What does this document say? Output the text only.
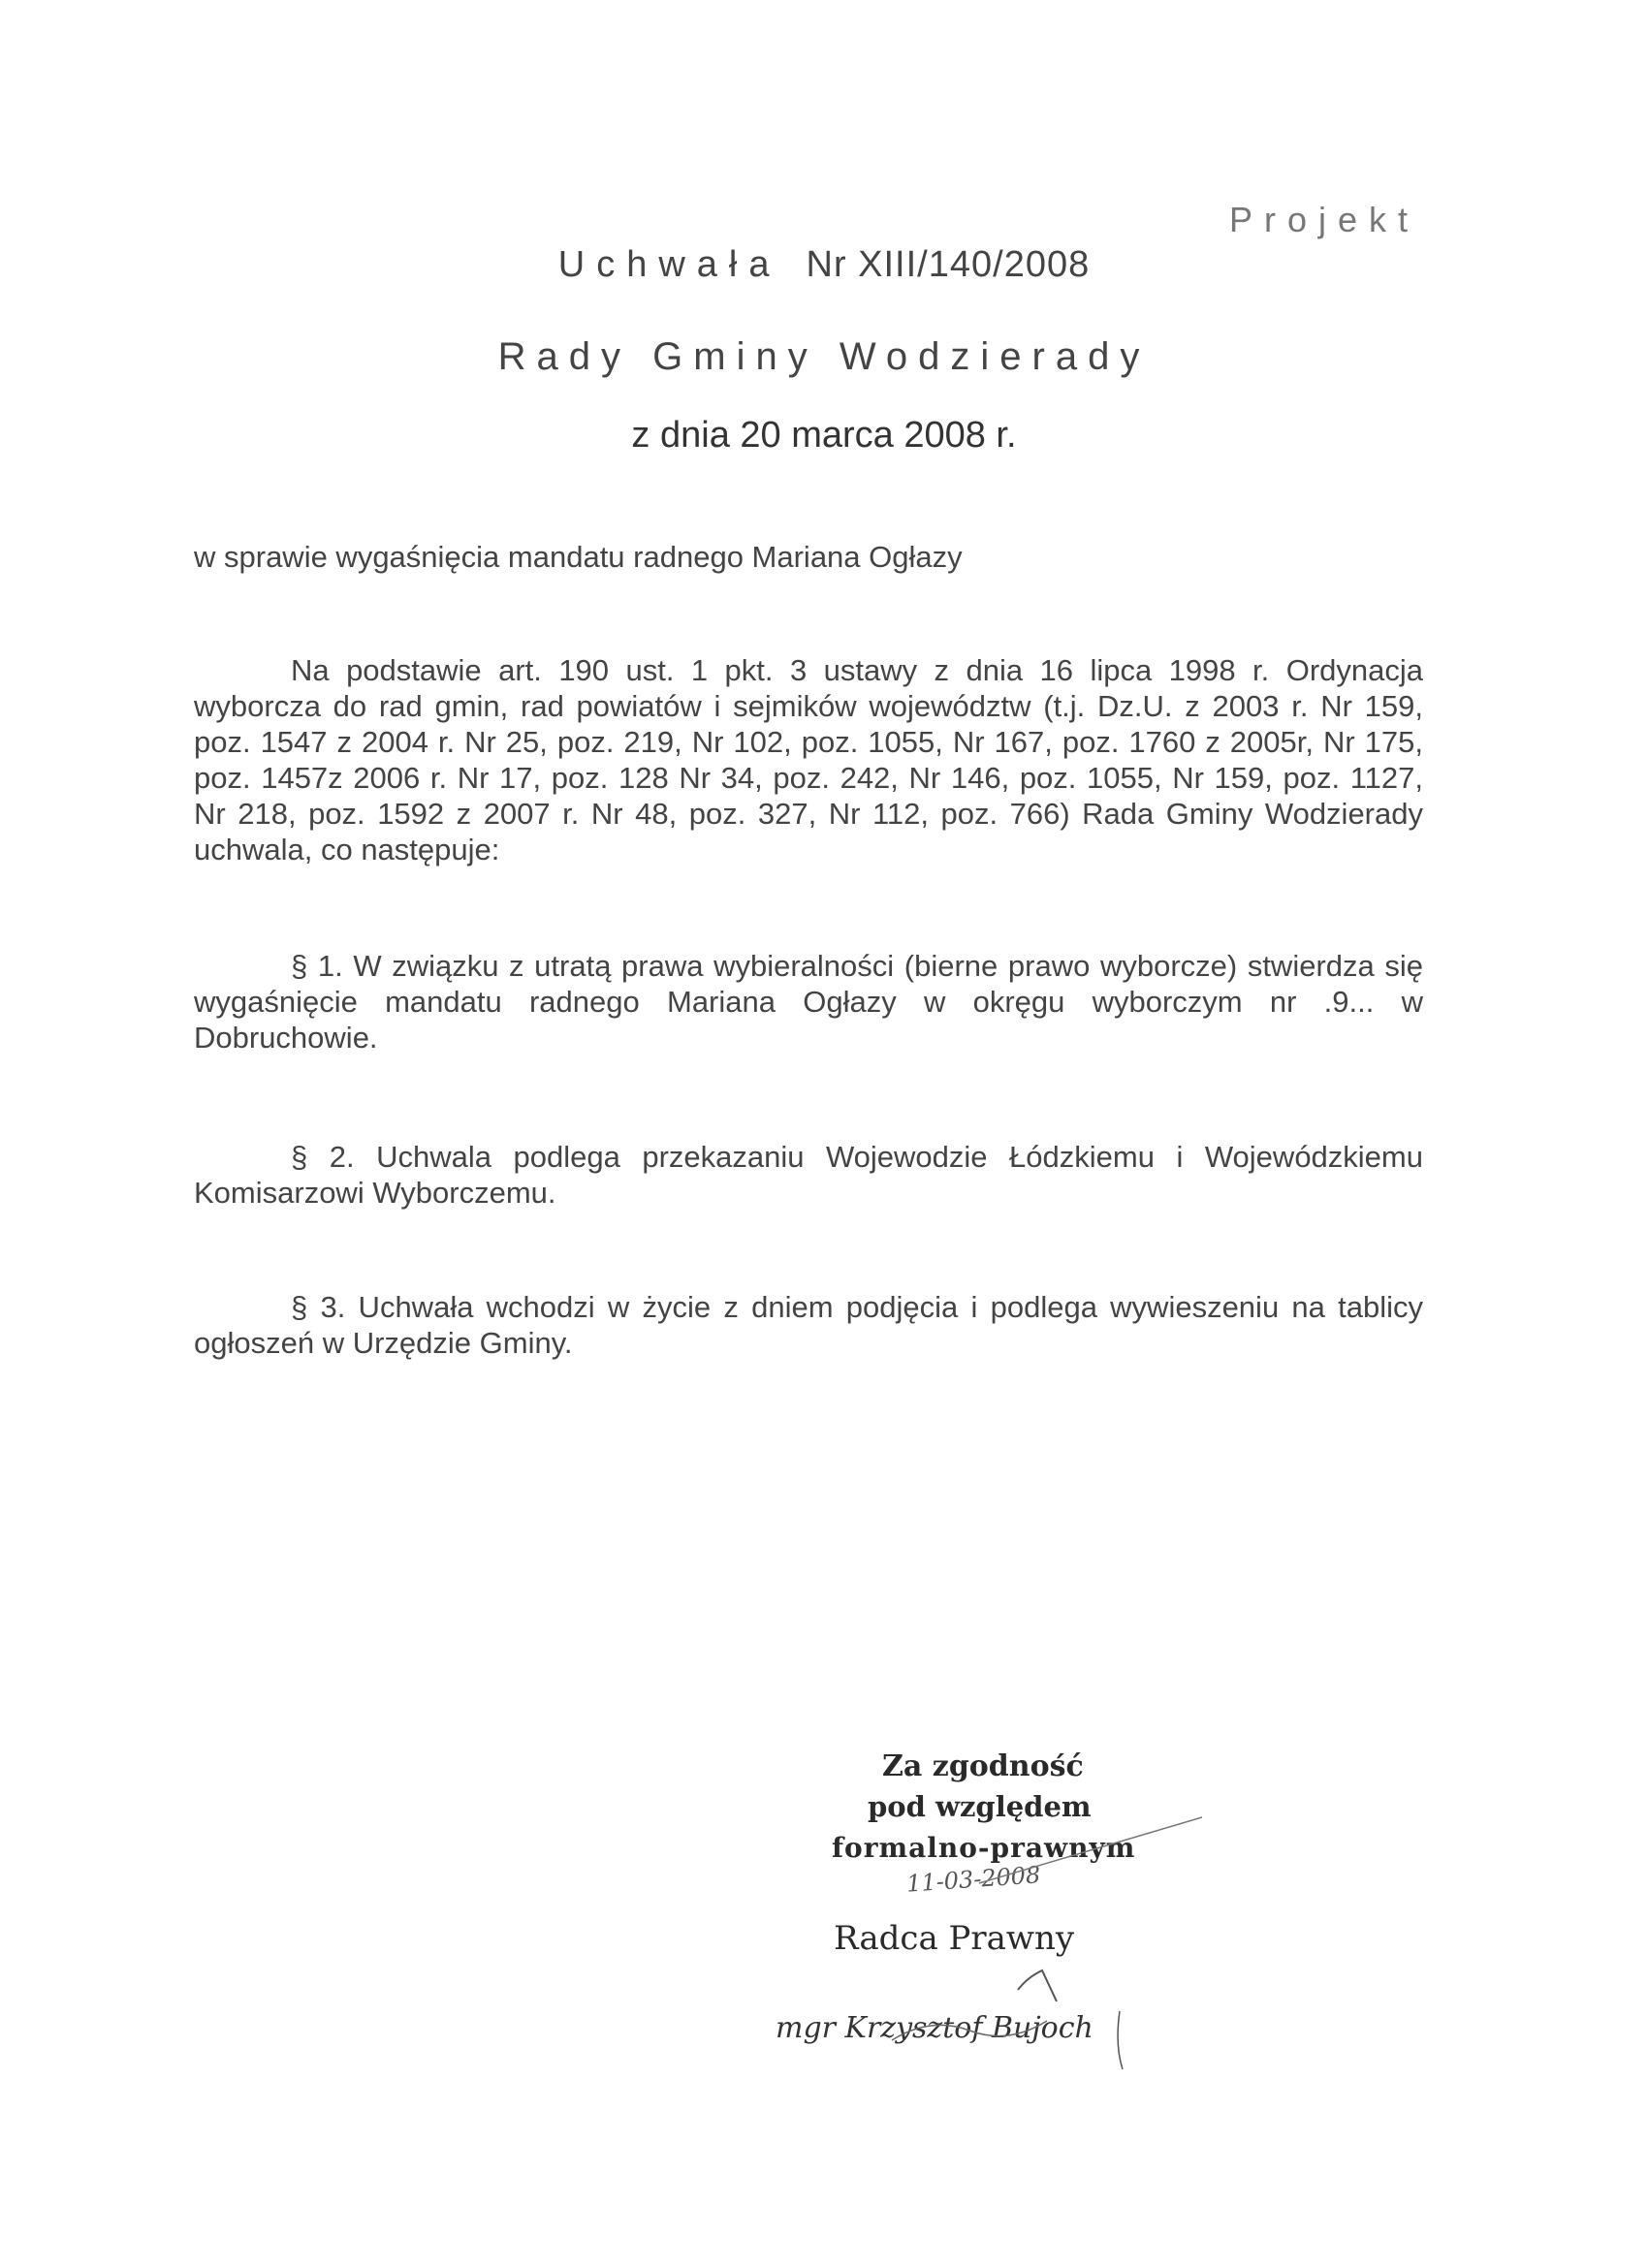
Projekt
Uchwała Nr XIII/140/2008
Rady Gminy Wodzierady
z dnia 20 marca 2008 r.
w sprawie wygaśnięcia mandatu radnego Mariana Ogłazy
Na podstawie art. 190 ust. 1 pkt. 3 ustawy z dnia 16 lipca 1998 r. Ordynacja wyborcza do rad gmin, rad powiatów i sejmików województw (t.j. Dz.U. z 2003 r. Nr 159, poz. 1547 z 2004 r. Nr 25, poz. 219, Nr 102, poz. 1055, Nr 167, poz. 1760 z 2005r, Nr 175, poz. 1457z 2006 r. Nr 17, poz. 128 Nr 34, poz. 242, Nr 146, poz. 1055, Nr 159, poz. 1127, Nr 218, poz. 1592 z 2007 r. Nr 48, poz. 327, Nr 112, poz. 766) Rada Gminy Wodzierady uchwala, co następuje:
§ 1. W związku z utratą prawa wybieralności (bierne prawo wyborcze) stwierdza się wygaśnięcie mandatu radnego Mariana Ogłazy w okręgu wyborczym nr .9... w Dobruchowie.
§ 2. Uchwala podlega przekazaniu Wojewodzie Łódzkiemu i Wojewódzkiemu Komisarzowi Wyborczemu.
§ 3. Uchwała wchodzi w życie z dniem podjęcia i podlega wywieszeniu na tablicy ogłoszeń w Urzędzie Gminy.
Za zgodność
pod względem
formalno-prawnym
11-03-2008
Radca Prawny
mgr Krzysztof Bujoch
